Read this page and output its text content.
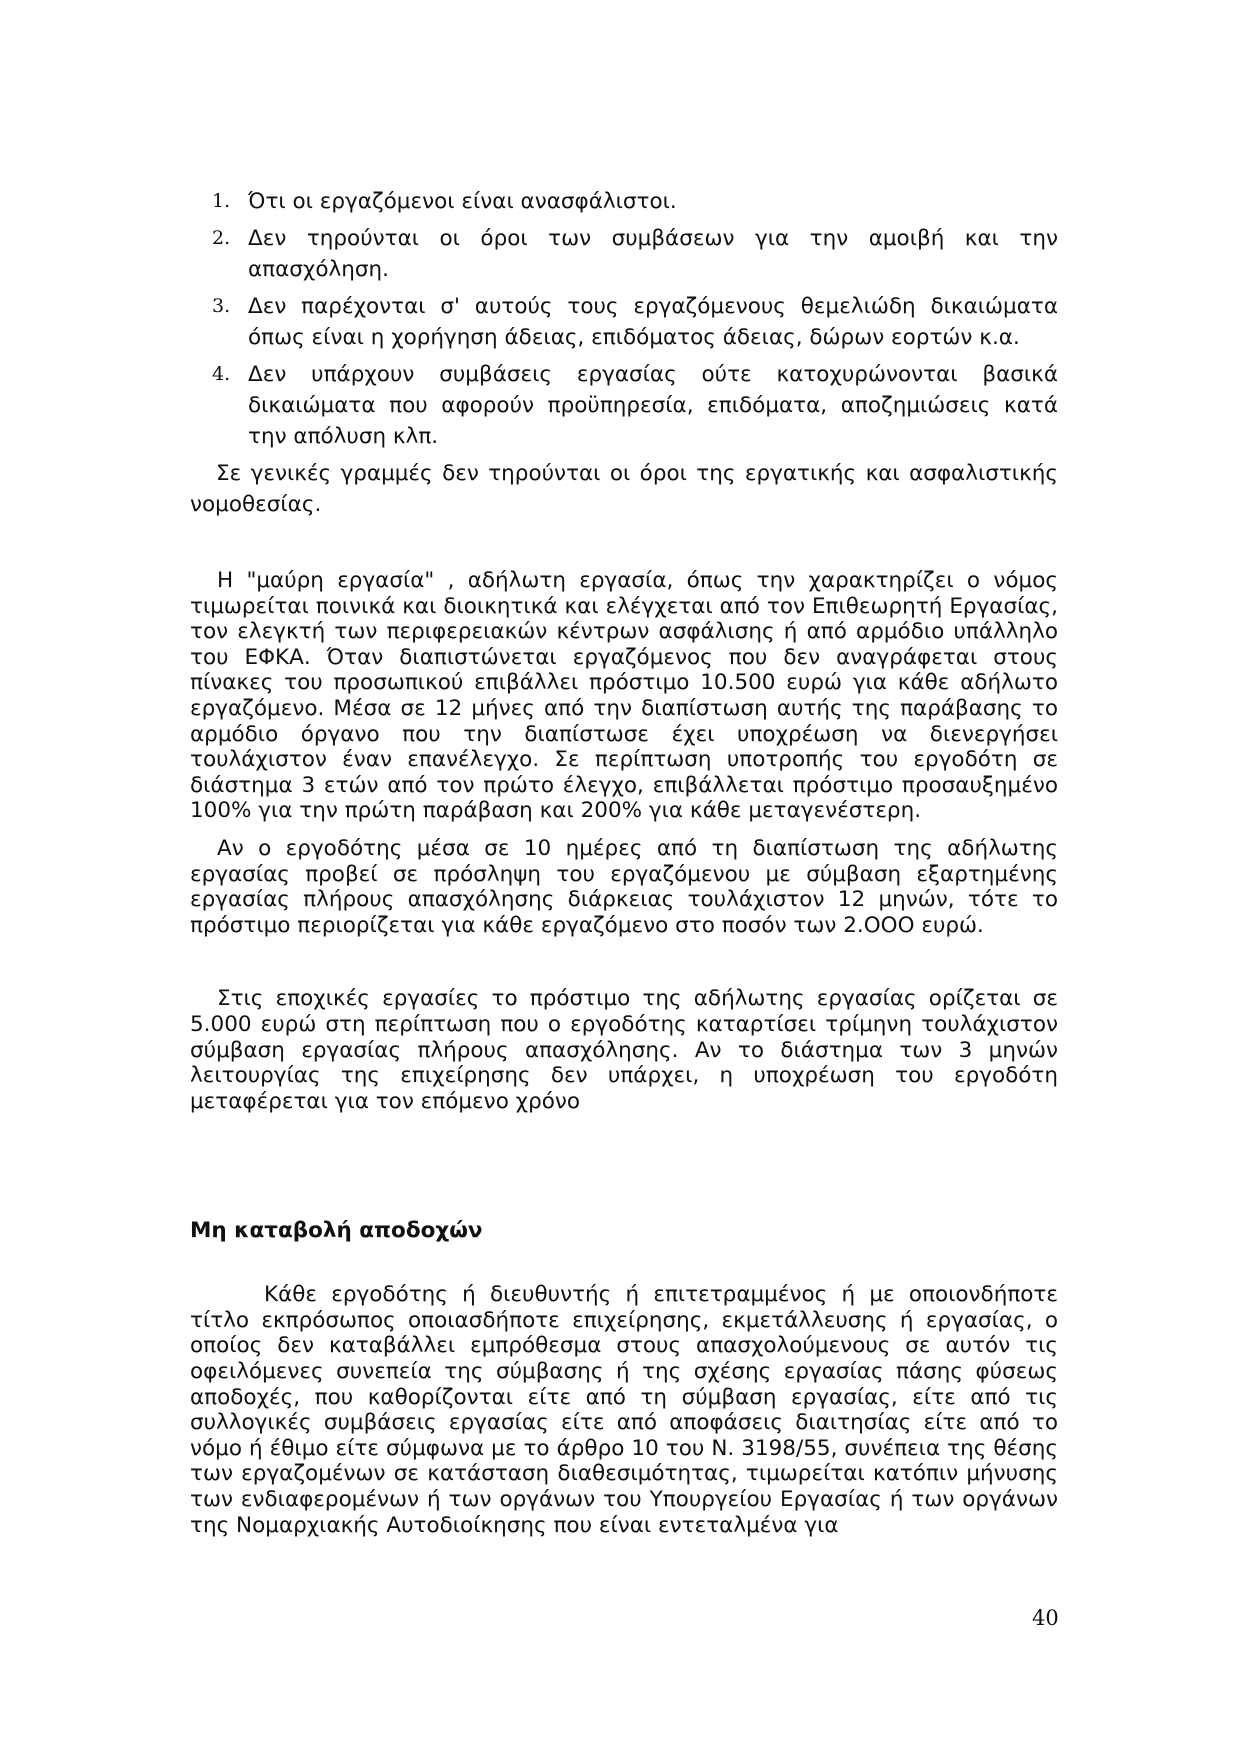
1. Ότι οι εργαζόμενοι είναι ανασφάλιστοι.
2. Δεν τηρούνται οι όροι των συμβάσεων για την αμοιβή και την απασχόληση.
3. Δεν παρέχονται σ' αυτούς τους εργαζόμενους θεμελιώδη δικαιώματα όπως είναι η χορήγηση άδειας, επιδόματος άδειας, δώρων εορτών κ.α.
4. Δεν υπάρχουν συμβάσεις εργασίας ούτε κατοχυρώνονται βασικά δικαιώματα που αφορούν προϋπηρεσία, επιδόματα, αποζημιώσεις κατά την απόλυση κλπ.

Σε γενικές γραμμές δεν τηρούνται οι όροι της εργατικής και ασφαλιστικής νομοθεσίας.

Η "μαύρη εργασία" , αδήλωτη εργασία, όπως την χαρακτηρίζει ο νόμος τιμωρείται ποινικά και διοικητικά και ελέγχεται από τον Επιθεωρητή Εργασίας, τον ελεγκτή των περιφερειακών κέντρων ασφάλισης ή από αρμόδιο υπάλληλο του ΕΦΚΑ. Όταν διαπιστώνεται εργαζόμενος που δεν αναγράφεται στους πίνακες του προσωπικού επιβάλλει πρόστιμο 10.500 ευρώ για κάθε αδήλωτο εργαζόμενο. Μέσα σε 12 μήνες από την διαπίστωση αυτής της παράβασης το αρμόδιο όργανο που την διαπίστωσε έχει υποχρέωση να διενεργήσει τουλάχιστον έναν επανέλεγχο. Σε περίπτωση υποτροπής του εργοδότη σε διάστημα 3 ετών από τον πρώτο έλεγχο, επιβάλλεται πρόστιμο προσαυξημένο 100% για την πρώτη παράβαση και 200% για κάθε μεταγενέστερη.

Αν ο εργοδότης μέσα σε 10 ημέρες από τη διαπίστωση της αδήλωτης εργασίας προβεί σε πρόσληψη του εργαζόμενου με σύμβαση εξαρτημένης εργασίας πλήρους απασχόλησης διάρκειας τουλάχιστον 12 μηνών, τότε το πρόστιμο περιορίζεται για κάθε εργαζόμενο στο ποσόν των 2.ΟΟΟ ευρώ.

Στις εποχικές εργασίες το πρόστιμο της αδήλωτης εργασίας ορίζεται σε 5.000 ευρώ στη περίπτωση που ο εργοδότης καταρτίσει τρίμηνη τουλάχιστον σύμβαση εργασίας πλήρους απασχόλησης. Αν το διάστημα των 3 μηνών λειτουργίας της επιχείρησης δεν υπάρχει, η υποχρέωση του εργοδότη μεταφέρεται για τον επόμενο χρόνο

Μη καταβολή αποδοχών

Κάθε εργοδότης ή διευθυντής ή επιτετραμμένος ή με οποιονδήποτε τίτλο εκπρόσωπος οποιασδήποτε επιχείρησης, εκμετάλλευσης ή εργασίας, ο οποίος δεν καταβάλλει εμπρόθεσμα στους απασχολούμενους σε αυτόν τις οφειλόμενες συνεπεία της σύμβασης ή της σχέσης εργασίας πάσης φύσεως αποδοχές, που καθορίζονται είτε από τη σύμβαση εργασίας, είτε από τις συλλογικές συμβάσεις εργασίας είτε από αποφάσεις διαιτησίας είτε από το νόμο ή έθιμο είτε σύμφωνα με το άρθρο 10 του Ν. 3198/55, συνέπεια της θέσης των εργαζομένων σε κατάσταση διαθεσιμότητας, τιμωρείται κατόπιν μήνυσης των ενδιαφερομένων ή των οργάνων του Υπουργείου Εργασίας ή των οργάνων της Νομαρχιακής Αυτοδιοίκησης που είναι εντεταλμένα για

40
